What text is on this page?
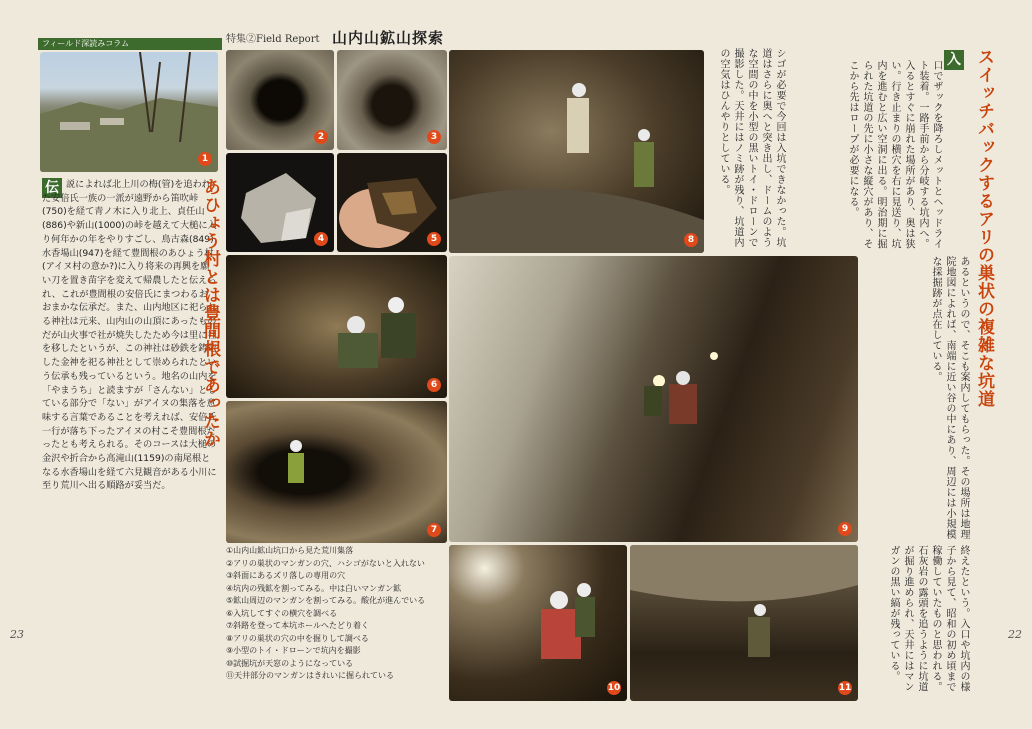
フィールド深読みコラム
1
伝 説によれば北上川の梅(管)を追われた安倍氏一族の一派が遠野から笛吹峠(750)を経て青ノ木に入り北上、貞任山(886)や新山(1000)の峠を越えて大槌に入り何年かの年をやりすごし、鳥古森(849)水香場山(947)を経て豊間根のあひょう村(アイヌ村の意か?)に入り将来の再興を願い刀を置き苗字を変えて帰農したと伝えられ、これが豊間根の安倍氏にまつわるおおまかな伝承だ。また、山内地区に祀られる神社は元来、山内山の山頂にあったものだが山火事で社が焼失したため今は里に社を移したというが、この神社は砂鉄を鋳造した金神を祀る神社として崇められたという伝承も残っているという。地名の山内を「やまうち」と読ますが「さんない」としている部分で「ない」がアイヌの集落を意味する言葉であることを考えれば、安倍氏一行が落ち下ったアイヌの村こそ豊間根だったとも考えられる。そのコースは大槌の金沢や折合から高滝山(1159)の南尾根となる水香場山を経て六見観音がある小川に至り荒川へ出る順路が妥当だ。
あひょう村とは豊間根であったか
特集②Field Report 山内山鉱山探索
2	3
4	5
6
7
①山内山鉱山坑口から見た荒川集落
②アリの巣状のマンガンの穴、ハシゴがないと入れない
③斜面にあるズリ落しの専用の穴
④坑内の残鉱を割ってみる。中は白いマンガン鉱
⑤鉱山周辺のマンガンを割ってみる。酸化が進んでいる
⑥入坑してすぐの横穴を調べる
⑦斜路を登って本坑ホールへたどり着く
⑧アリの巣状の穴の中を掘りして調べる
⑨小型のトイ・ドローンで坑内を撮影
⑩試掘坑が天窓のようになっている
⑪天井部分のマンガンはきれいに掘られている
8
9
10	11
シゴが必要で今回は入坑できなかった。坑道はさらに奥へと突き出し、ドームのような空間の中を小型の黒いトイ・ドローンで撮影した。天井にはノミ跡が残り、坑道内の空気はひんやりとしている。	口でザックを降ろしメットとヘッドライト装着。一路手前から分岐する坑内へ。入るとすぐに崩れた場所があり、奥は狭い。行き止まりの横穴を右に見送り、坑内を進むと広い空洞に出る。明治期に掘られた坑道の先に小さな縦穴があり、そこから先はロープが必要になる。	入
あるというので、そこも案内してもらった。その場所は地理院地図によれば、南端に近い谷の中にあり、周辺には小規模な採掘跡が点在している。
終えたという。入口や坑内の様子から見て、昭和の初め頃まで稼働していたものと思われる。石灰岩の露頭を追うように坑道が掘り進められ、天井にはマンガンの黒い縞が残っている。
スイッチバックするアリの巣状の複雑な坑道
23	22
